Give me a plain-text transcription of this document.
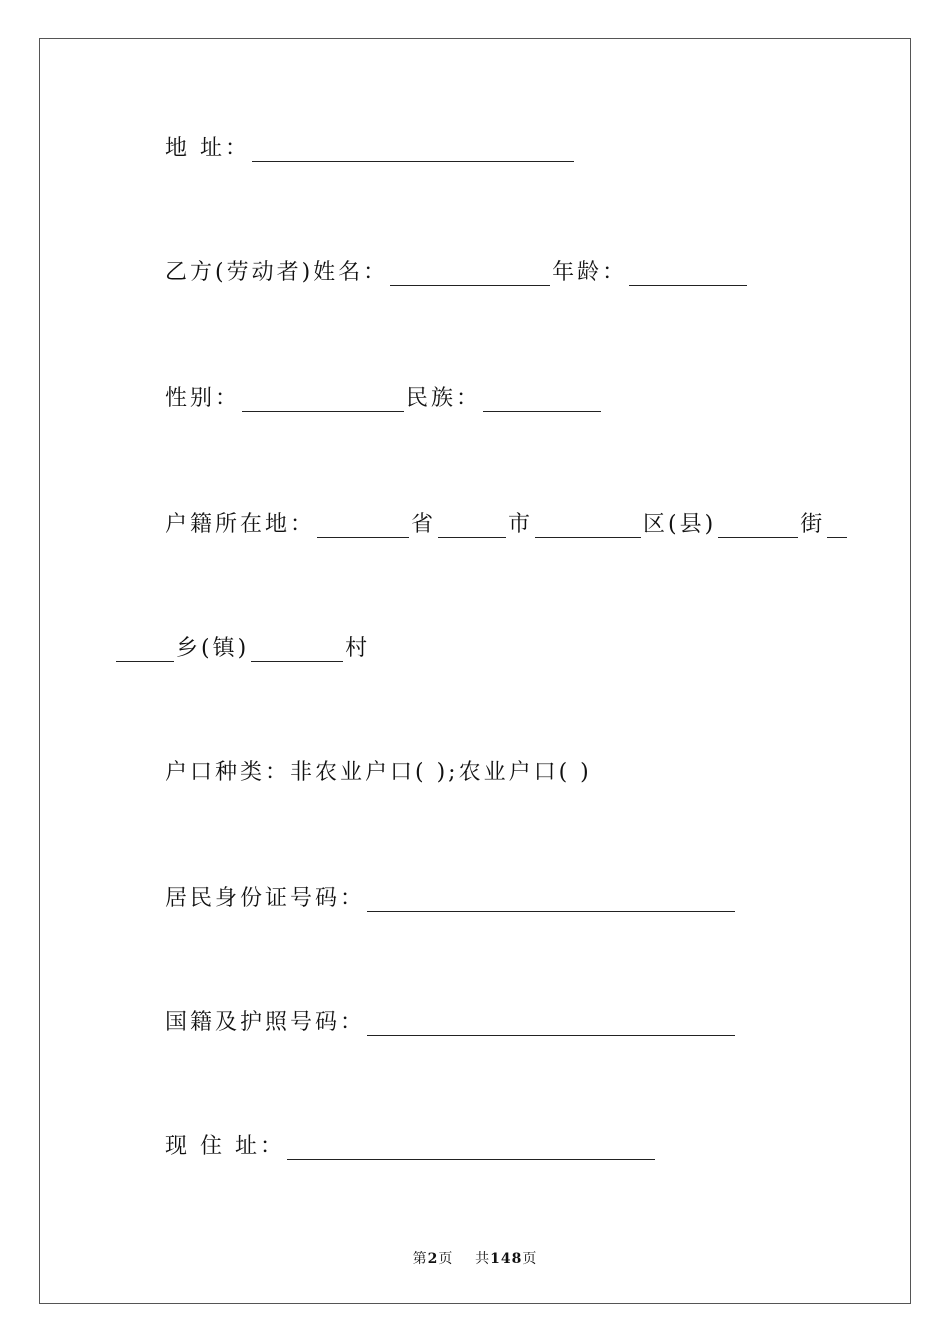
地 址：
乙方(劳动者)姓名：	年龄：
性别：	民族：
户籍所在地：	省	市	区(县)	街
乡(镇)	村
户口种类：非农业户口( );农业户口( )
居民身份证号码：
国籍及护照号码：
现 住 址：
第2页 共148页
